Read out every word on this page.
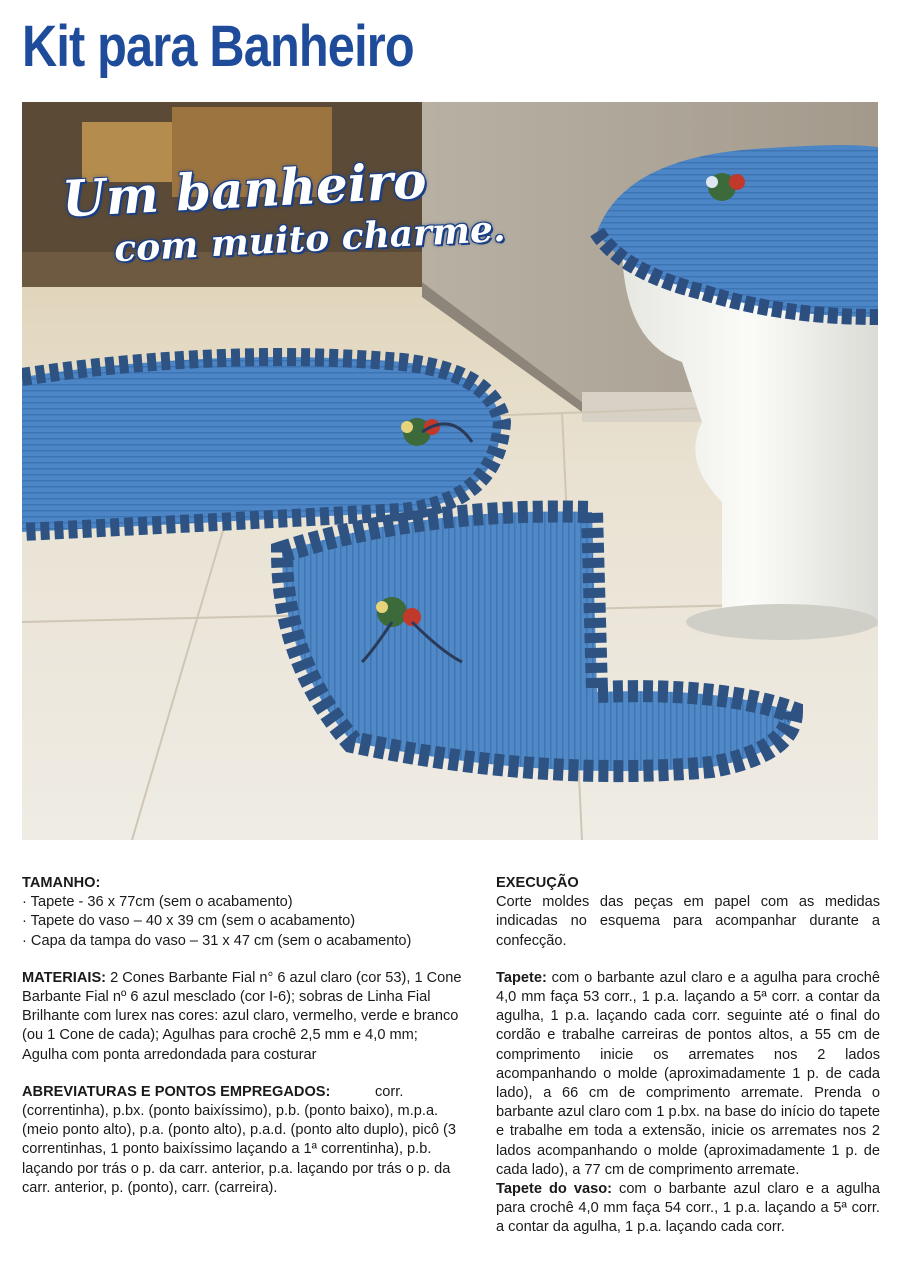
Kit para Banheiro
Um banheiro
com muito charme.

TAMANHO:
· Tapete - 36 x 77cm (sem o acabamento)
· Tapete do vaso – 40 x 39 cm (sem o acabamento)
· Capa da tampa do vaso – 31 x 47 cm (sem o acabamento)

MATERIAIS: 2 Cones Barbante Fial n° 6 azul claro (cor 53), 1 Cone Barbante Fial nº 6 azul mesclado (cor I-6); sobras de Linha Fial Brilhante com lurex nas cores: azul claro, vermelho, verde e branco (ou 1 Cone de cada); Agulhas para crochê 2,5 mm e 4,0 mm; Agulha com ponta arredondada para costurar

ABREVIATURAS E PONTOS EMPREGADOS:	corr. (correntinha), p.bx. (ponto baixíssimo), p.b. (ponto baixo), m.p.a. (meio ponto alto), p.a. (ponto alto), p.a.d. (ponto alto duplo), picô (3 correntinhas, 1 ponto baixíssimo laçando a 1ª correntinha), p.b. laçando por trás o p. da carr. anterior, p.a. laçando por trás o p. da carr. anterior, p. (ponto), carr. (carreira).

EXECUÇÃO
Corte moldes das peças em papel com as medidas indicadas no esquema para acompanhar durante a confecção.

Tapete: com o barbante azul claro e a agulha para crochê 4,0 mm faça 53 corr., 1 p.a. laçando a 5ª corr. a contar da agulha, 1 p.a. laçando cada corr. seguinte até o final do cordão e trabalhe carreiras de pontos altos, a 55 cm de comprimento inicie os arremates nos 2 lados acompanhando o molde (aproximadamente 1 p. de cada lado), a 66 cm de comprimento arremate. Prenda o barbante azul claro com 1 p.bx. na base do início do tapete e trabalhe em toda a extensão, inicie os arremates nos 2 lados acompanhando o molde (aproximadamente 1 p. de cada lado), a 77 cm de comprimento arremate.

Tapete do vaso: com o barbante azul claro e a agulha para crochê 4,0 mm faça 54 corr., 1 p.a. laçando a 5ª corr. a contar da agulha, 1 p.a. laçando cada corr.
